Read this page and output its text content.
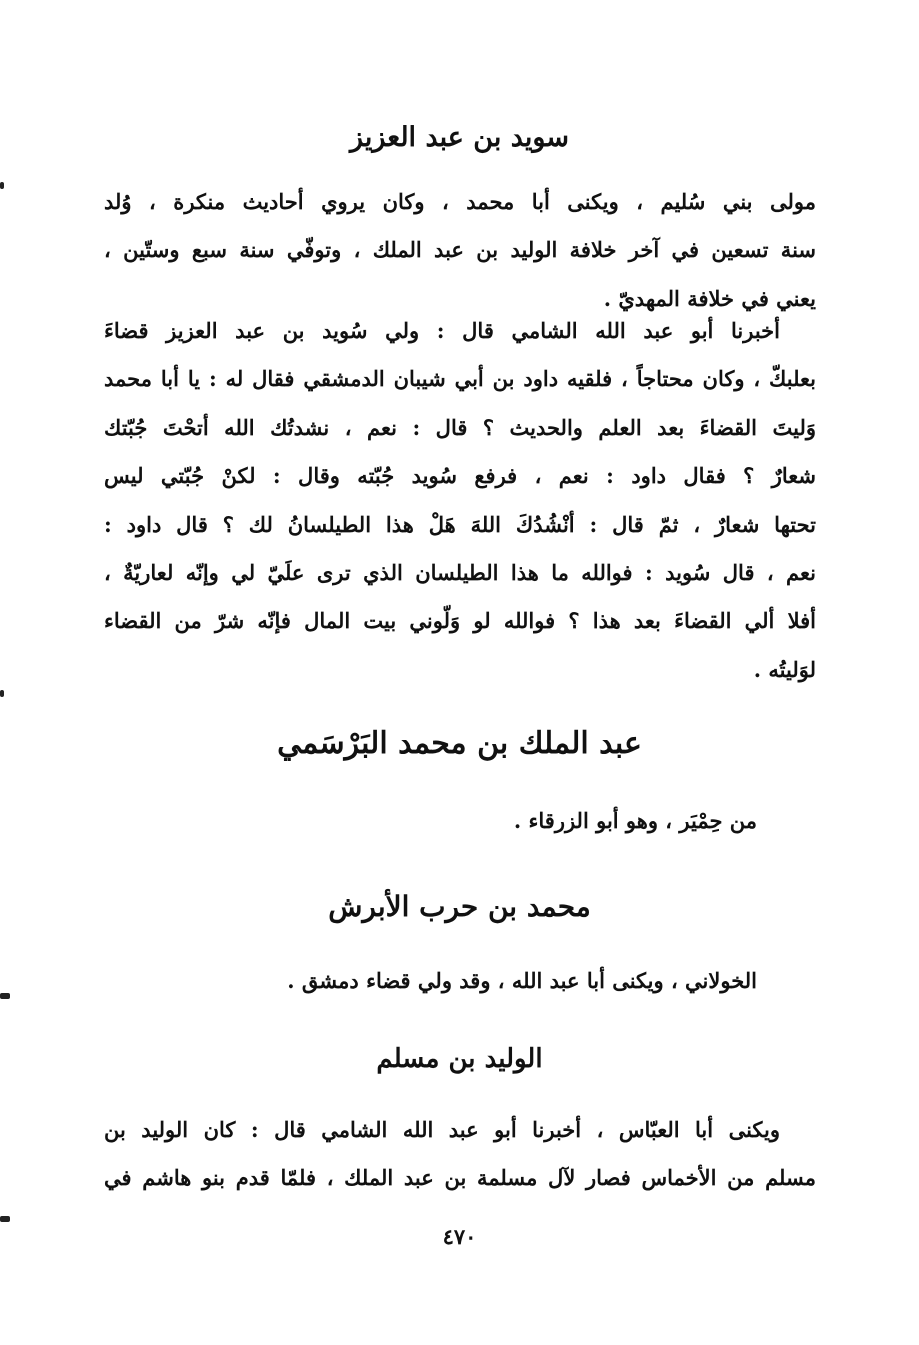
سويد بن عبد العزيز

مولى بني سُليم ، ويكنى أبا محمد ، وكان يروي أحاديث منكرة ، وُلد
سنة تسعين في آخر خلافة الوليد بن عبد الملك ، وتوفّي سنة سبع وستّين ،
يعني في خلافة المهديّ .

أخبرنا أبو عبد الله الشامي قال : ولي سُويد بن عبد العزيز قضاءَ
بعلبكّ ، وكان محتاجاً ، فلقيه داود بن أبي شيبان الدمشقي فقال له : يا أبا محمد
وَليتَ القضاءَ بعد العلم والحديث ؟ قال : نعم ، نشدتُك الله أتحْتَ جُبّتك
شعارٌ ؟ فقال داود : نعم ، فرفع سُويد جُبّته وقال : لكنْ جُبّتي ليس
تحتها شعارٌ ، ثمّ قال : أنْشُدُكَ اللهَ هَلْ هذا الطيلسانُ لك ؟ قال داود :
نعم ، قال سُويد : فوالله ما هذا الطيلسان الذي ترى علَيّ لي وإنّه لعاريّةٌ ،
أفلا ألي القضاءَ بعد هذا ؟ فوالله لو وَلّوني بيت المال فإنّه شرّ من القضاء
لوَليتُه .

عبد الملك بن محمد البَرْسَمي

من حِمْيَر ، وهو أبو الزرقاء .

محمد بن حرب الأبرش

الخولاني ، ويكنى أبا عبد الله ، وقد ولي قضاء دمشق .

الوليد بن مسلم

ويكنى أبا العبّاس ، أخبرنا أبو عبد الله الشامي قال : كان الوليد بن
مسلم من الأخماس فصار لآل مسلمة بن عبد الملك ، فلمّا قدم بنو هاشم في

٤٧٠
